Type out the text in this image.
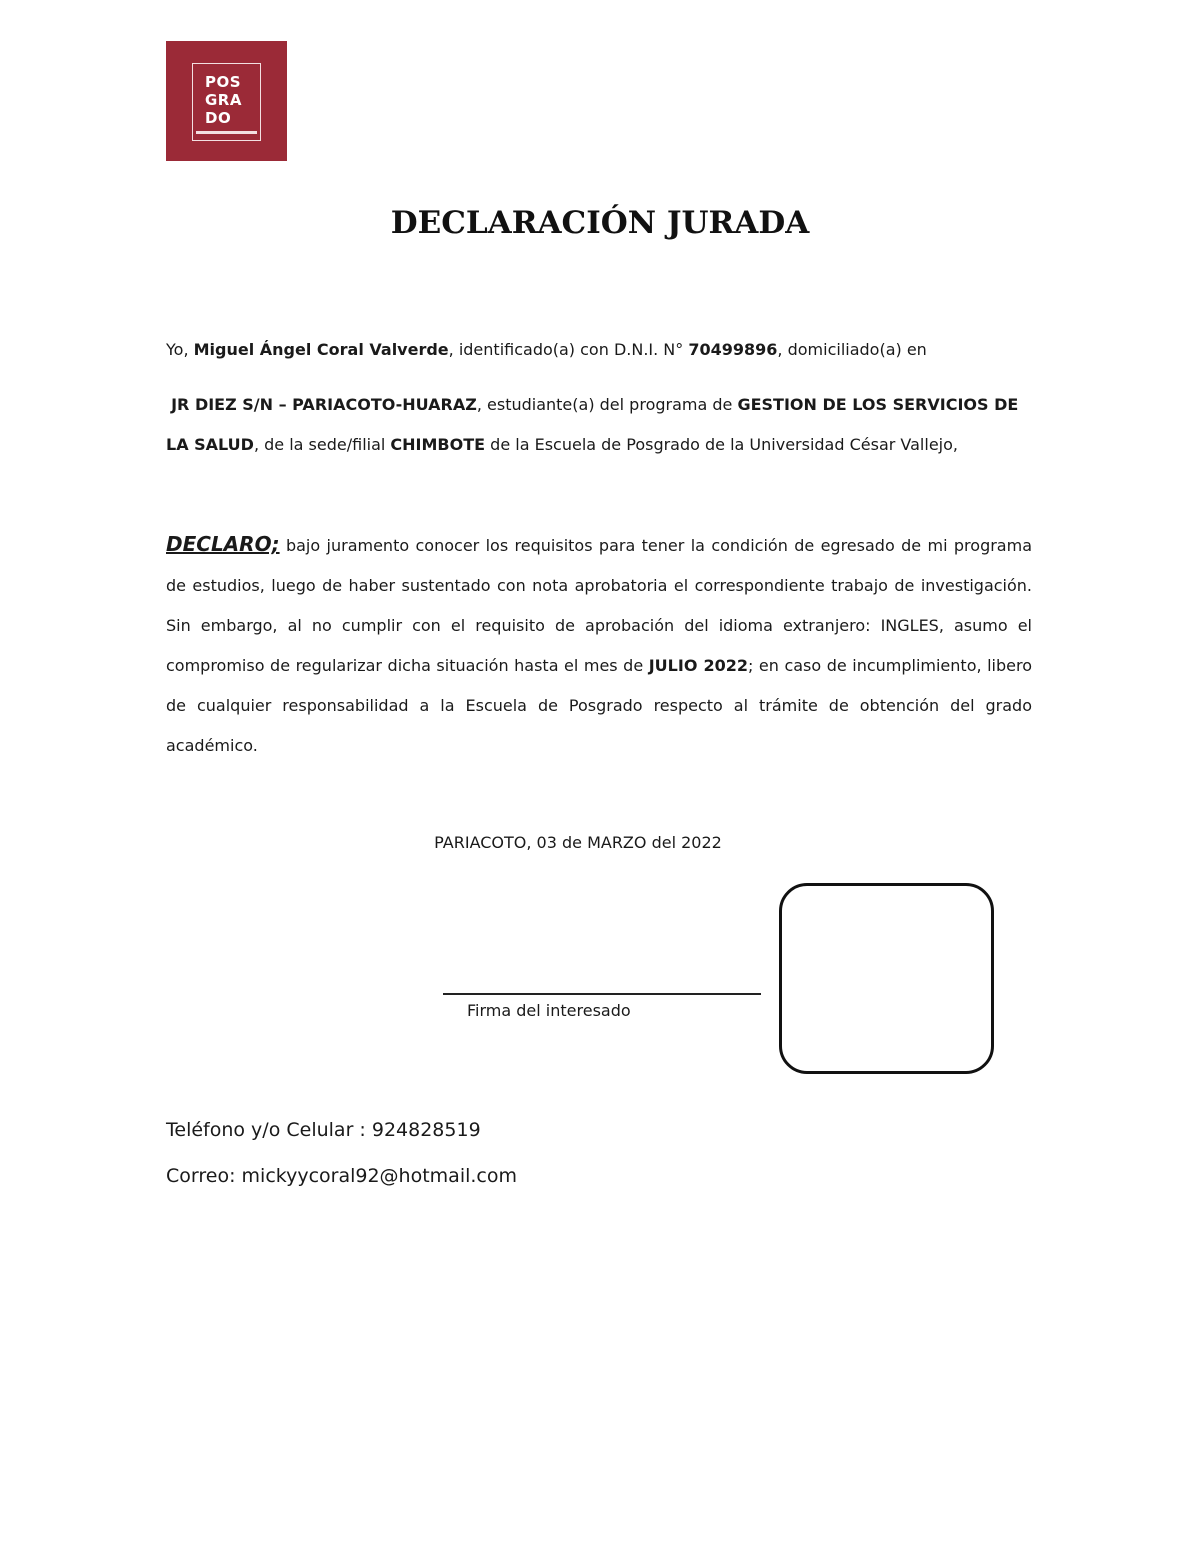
POS
GRA
DO
DECLARACIÓN JURADA
Yo, Miguel Ángel Coral Valverde, identificado(a) con D.N.I. N° 70499896, domiciliado(a) en
JR DIEZ S/N – PARIACOTO-HUARAZ, estudiante(a) del programa de GESTION DE LOS SERVICIOS DE LA SALUD, de la sede/filial CHIMBOTE de la Escuela de Posgrado de la Universidad César Vallejo,
DECLARO; bajo juramento conocer los requisitos para tener la condición de egresado de mi programa de estudios, luego de haber sustentado con nota aprobatoria el correspondiente trabajo de investigación. Sin embargo, al no cumplir con el requisito de aprobación del idioma extranjero: INGLES, asumo el compromiso de regularizar dicha situación hasta el mes de JULIO 2022; en caso de incumplimiento, libero de cualquier responsabilidad a la Escuela de Posgrado respecto al trámite de obtención del grado académico.
PARIACOTO, 03 de MARZO del 2022
Firma del interesado
Teléfono y/o Celular : 924828519
Correo: mickyycoral92@hotmail.com
